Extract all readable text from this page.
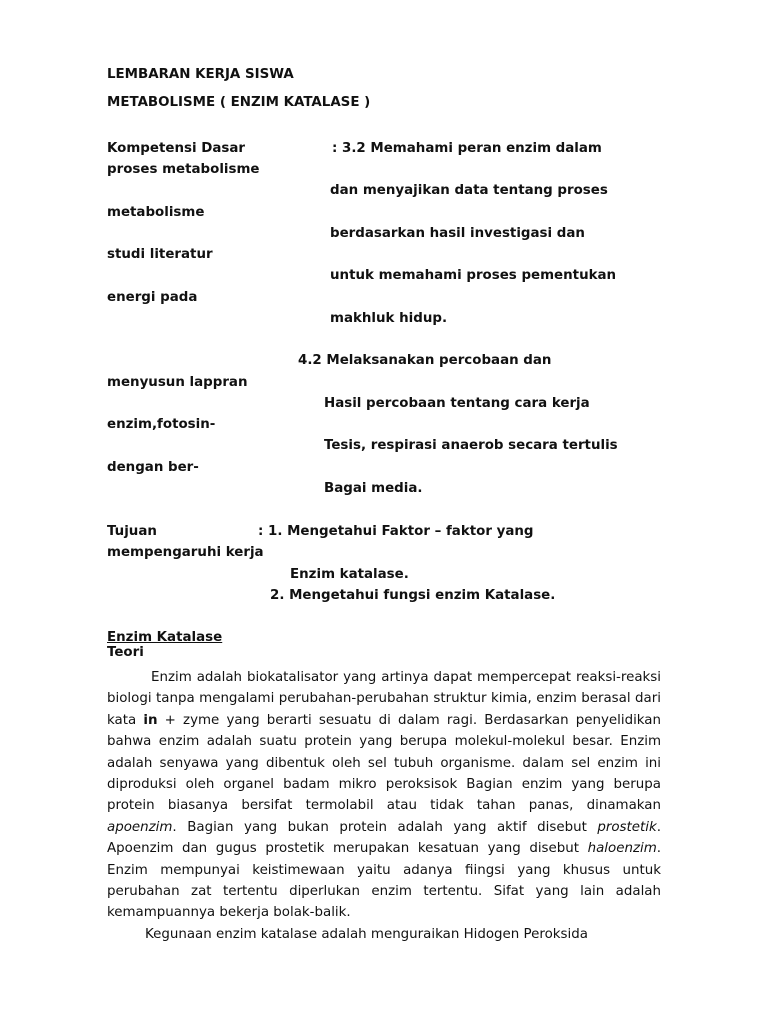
LEMBARAN KERJA SISWA
METABOLISME ( ENZIM KATALASE )
Kompetensi Dasar	: 3.2 Memahami peran enzim dalam
proses metabolisme
dan menyajikan data tentang proses
metabolisme
berdasarkan hasil investigasi dan
studi literatur
untuk memahami proses pementukan
energi pada
makhluk hidup.
4.2 Melaksanakan percobaan dan
menyusun lappran
Hasil percobaan tentang cara kerja
enzim,fotosin-
Tesis, respirasi anaerob secara tertulis
dengan ber-
Bagai media.
Tujuan	: 1. Mengetahui Faktor – faktor yang
mempengaruhi kerja
Enzim katalase.
2. Mengetahui fungsi enzim Katalase.
Enzim Katalase
Teori

Enzim adalah biokatalisator yang artinya dapat mempercepat reaksi-reaksi biologi tanpa mengalami perubahan-perubahan struktur kimia, enzim berasal dari kata in + zyme yang berarti sesuatu di dalam ragi. Berdasarkan penyelidikan bahwa enzim adalah suatu protein yang berupa molekul-molekul besar. Enzim adalah senyawa yang dibentuk oleh sel tubuh organisme. dalam sel enzim ini diproduksi oleh organel badam mikro peroksisok Bagian enzim yang berupa protein biasanya bersifat termolabil atau tidak tahan panas, dinamakan apoenzim. Bagian yang bukan protein adalah yang aktif disebut prostetik. Apoenzim dan gugus prostetik merupakan kesatuan yang disebut haloenzim. Enzim mempunyai keistimewaan yaitu adanya fiingsi yang khusus untuk perubahan zat tertentu diperlukan enzim tertentu. Sifat yang lain adalah kemampuannya bekerja bolak-balik.

Kegunaan enzim katalase adalah menguraikan Hidogen Peroksida
